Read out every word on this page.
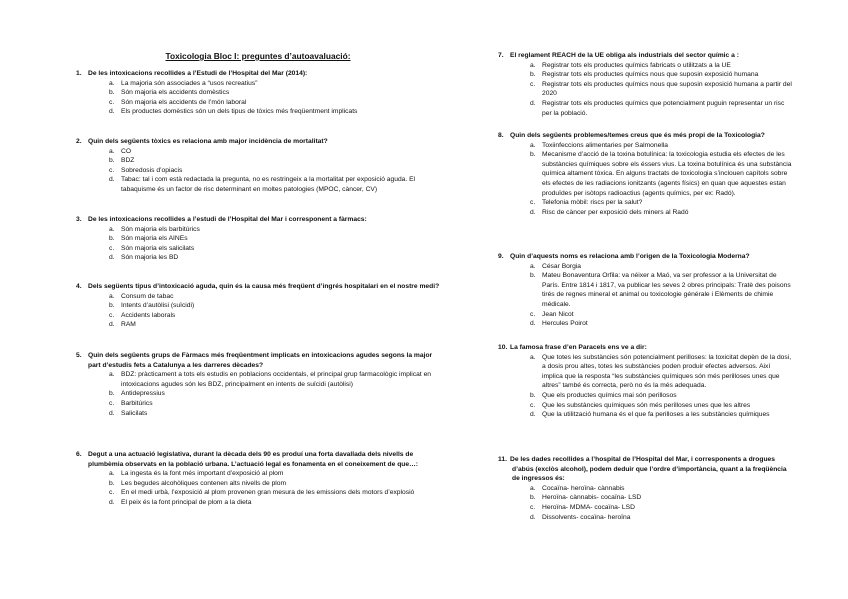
Toxicologia Bloc I: preguntes d’autoavaluació:
1. De les intoxicacions recollides a l’Estudi de l’Hospital del Mar (2014):
a. La majoria són associades a “usos recreatius”
b. Són majoria els accidents domèstics
c. Són majoria els accidents de l’món laboral
d. Els productes domèstics són un dels tipus de tòxics més freqüentment implicats
2. Quin dels següents tòxics es relaciona amb major incidència de mortalitat?
a. CO
b. BDZ
c. Sobredosis d’opiacis
d. Tabac: tal i com està redactada la pregunta, no es restringeix a la mortalitat per exposició aguda. El tabaquisme és un factor de risc determinant en moltes patologies (MPOC, càncer, CV)
3. De les intoxicacions recollides a l’estudi de l’Hospital del Mar i corresponent a fàrmacs:
a. Són majoria els barbitúrics
b. Són majoria els AINEs
c. Són majoria els salicilats
d. Són majoria les BD
4. Dels següents tipus d’intoxicació aguda, quin és la causa més freqüent d’ingrés hospitalari en el nostre medi?
a. Consum de tabac
b. Intents d’autòlisi (suïcidi)
c. Accidents laborals
d. RAM
5. Quin dels següents grups de Fàrmacs més freqüentment implicats en intoxicacions agudes segons la major part d’estudis fets a Catalunya a les darreres dècades?
a. BDZ: pràcticament a tots els estudis en poblacions occidentals, el principal grup farmacològic implicat en intoxicacions agudes són les BDZ, principalment en intents de suïcidi (autòlisi)
b. Antidepressius
c. Barbitúrics
d. Salicilats
6. Degut a una actuació legislativa, durant la dècada dels 90 es produí una forta davallada dels nivells de plumbèmia observats en la població urbana. L’actuació legal es fonamenta en el coneixement de que…:
a. La ingesta és la font més important d’exposició al plom
b. Les begudes alcohòliques contenen alts nivells de plom
c. En el medi urbà, l’exposició al plom provenen gran mesura de les emissions dels motors d’explosió
d. El peix és la font principal de plom a la dieta
7. El reglament REACH de la UE obliga als industrials del sector químic a :
a. Registrar tots els productes químics fabricats o utilitzats a la UE
b. Registrar tots els productes químics nous que suposin exposició humana
c. Registrar tots els productes químics nous que suposin exposició humana a partir del 2020
d. Registrar tots els productes químics que potencialment puguin representar un risc per la població.
8. Quin dels següents problemes/temes creus que és més propi de la Toxicologia?
a. Toxiinfeccions alimentaries per Salmonella
b. Mecanisme d’acció de la toxina botulínica: la toxicologia estudia els efectes de les substàncies químiques sobre els éssers vius. La toxina botulínica és una substància química altament tòxica. En alguns tractats de toxicologia s’inclouen capítols sobre els efectes de les radiacions ionitzants (agents físics) en quan que aquestes estan produïdes per isòtops radioactius (agents químics, per ex: Radó).
c. Telefonia mòbil: riscs per la salut?
d. Risc de càncer per exposició dels miners al Radó
9. Quin d’aquests noms es relaciona amb l’origen de la Toxicologia Moderna?
a. César Borgia
b. Mateu Bonaventura Orfila: va néixer a Maó, va ser professor a la Universitat de París. Entre 1814 i 1817, va publicar les seves 2 obres principals: Tratè des poisons tirés de regnes mineral et animal ou toxicologie générale i Elèments de chimie médicale.
c. Jean Nicot
d. Hercules Poirot
10. La famosa frase d’en Paracels ens ve a dir:
a. Que totes les substàncies són potencialment perilloses: la toxicitat depèn de la dosi, a dosis prou altes, totes les substàncies poden produir efectes adversos. Així implica que la resposta “les substàncies químiques són més perilloses unes que altres” també és correcta, però no és la més adequada.
b. Que els productes químics mai són perillosos
c. Que les substàncies químiques són més perilloses unes que les altres
d. Que la utilització humana és el que fa perilloses a les substàncies químiques
11. De les dades recollides a l’hospital de l’Hospital del Mar, i corresponents a drogues d’abús (exclòs alcohol), podem deduir que l’ordre d’importància, quant a la freqüència de ingressos és:
a. Cocaïna- heroïna- cànnabis
b. Heroïna- cànnabis- cocaïna- LSD
c. Heroïna- MDMA- cocaïna- LSD
d. Dissolvents- cocaïna- heroïna
